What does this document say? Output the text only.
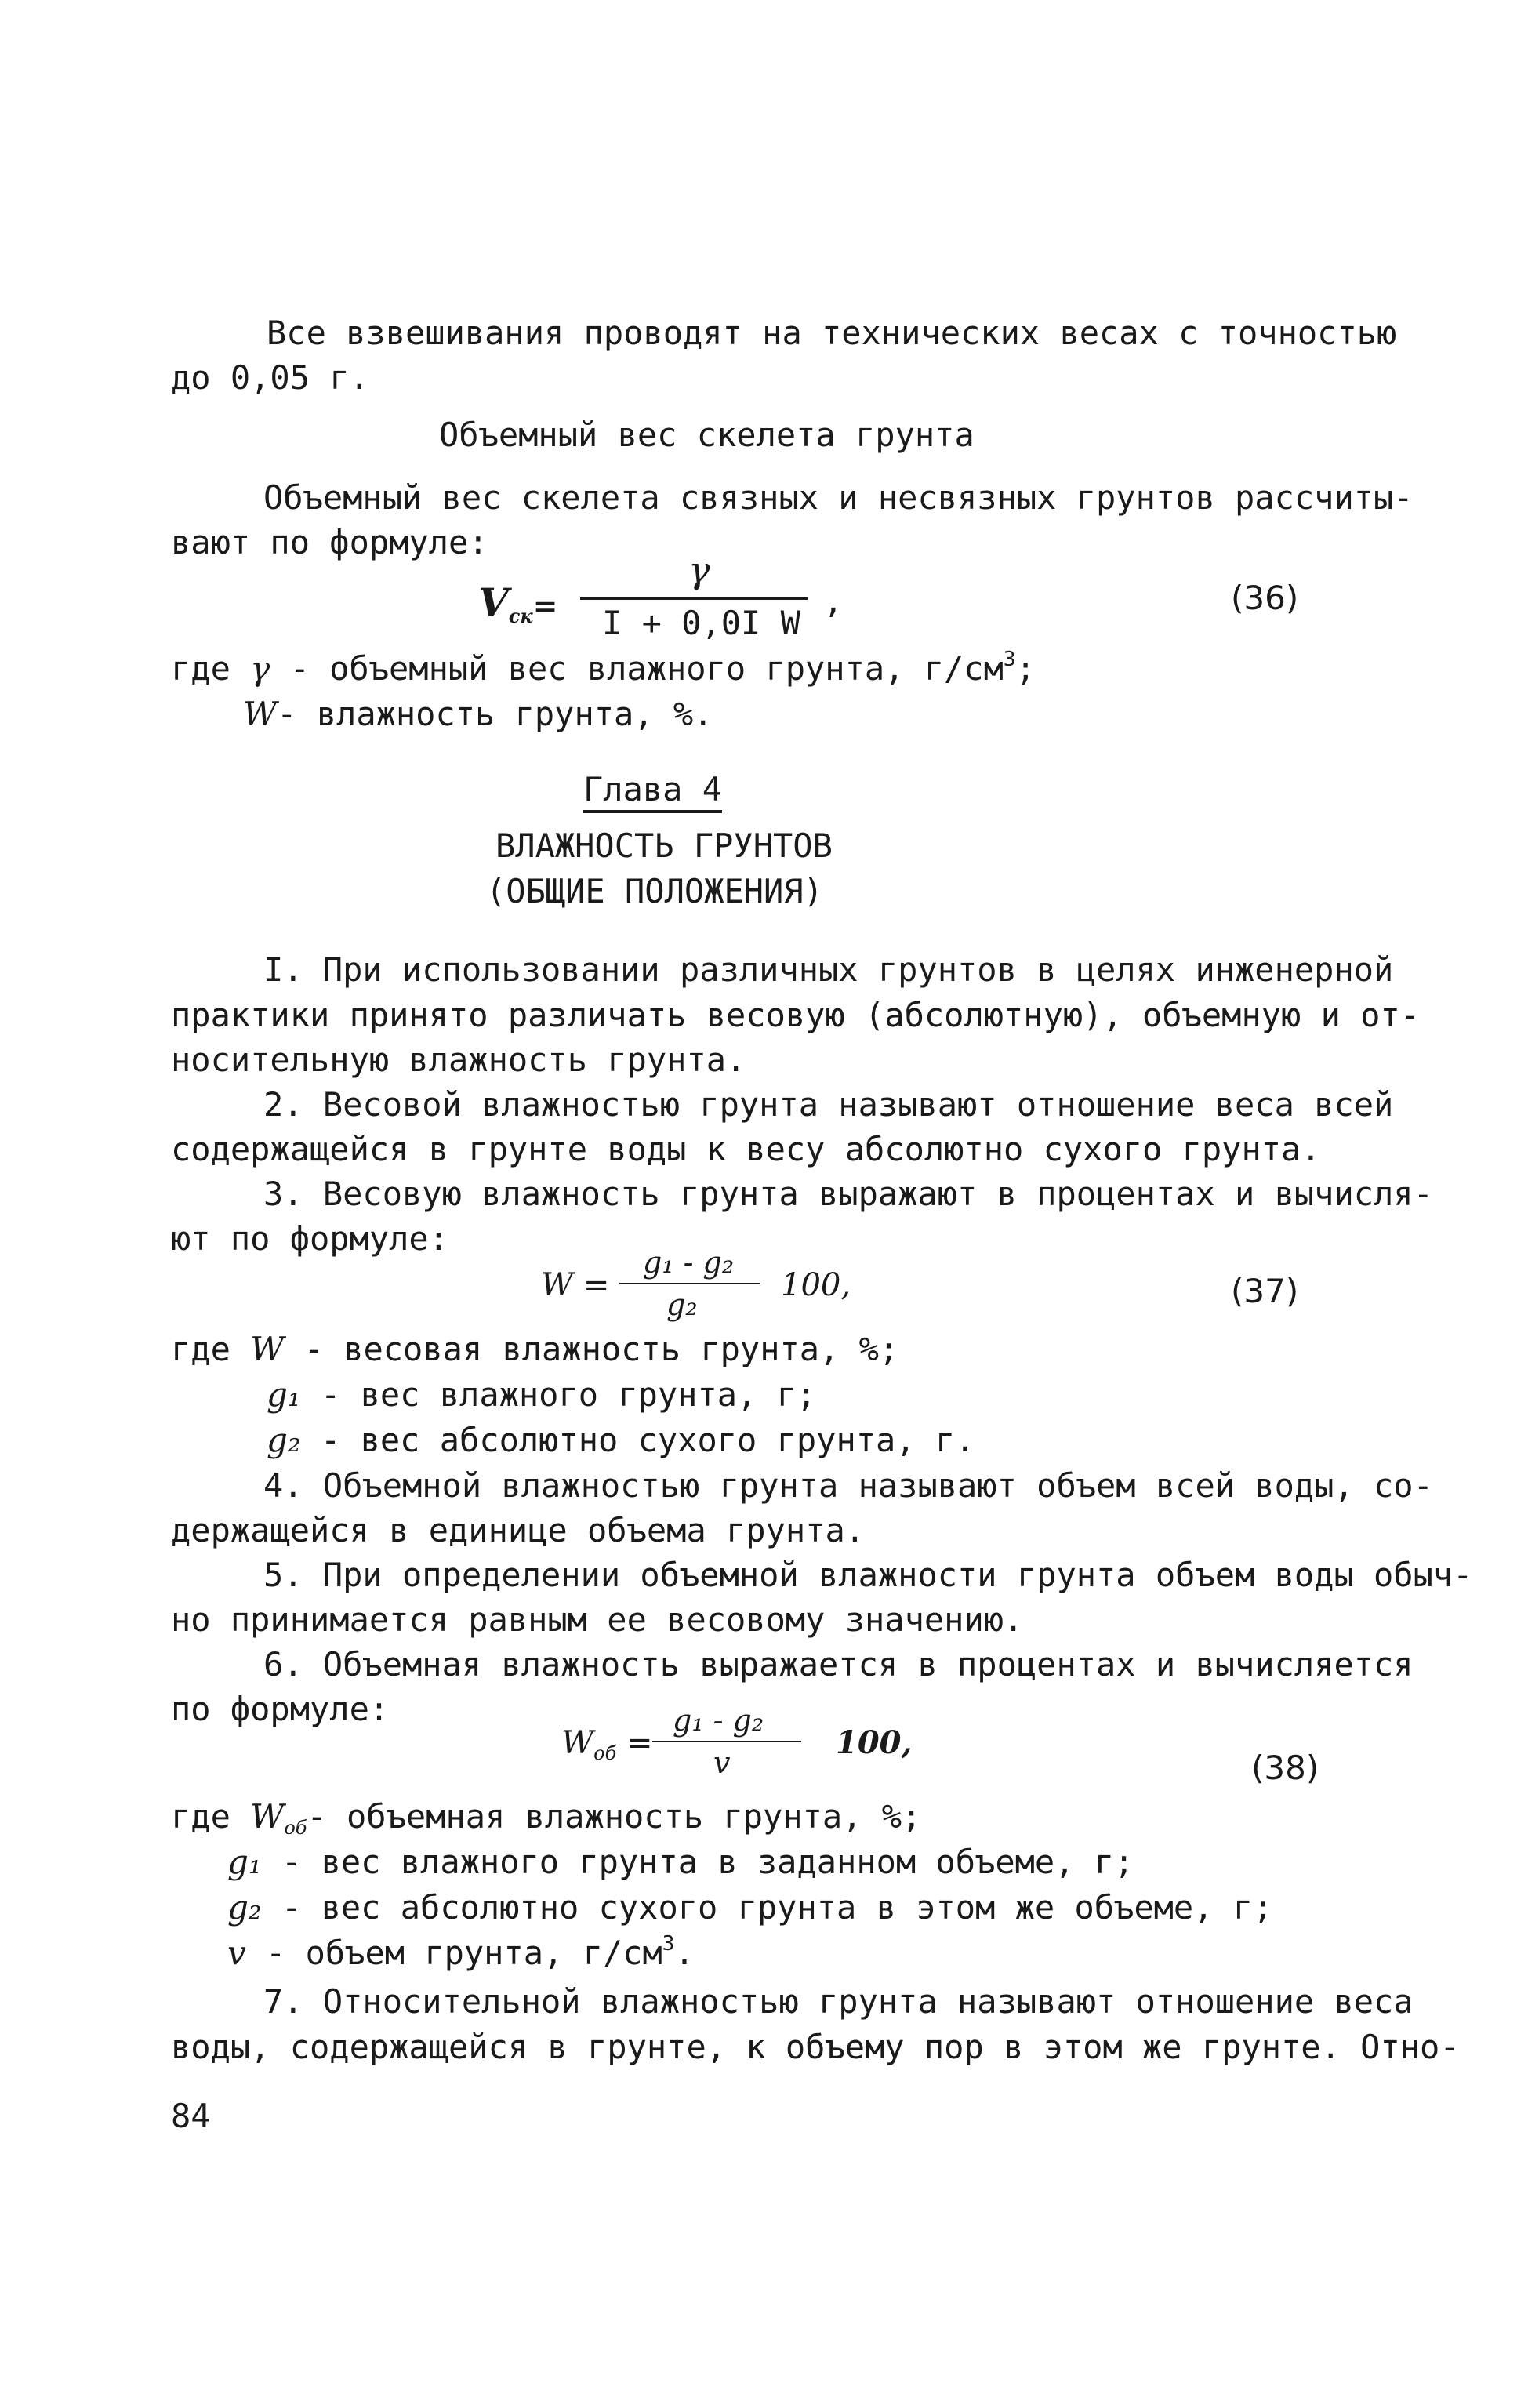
Все взвешивания проводят на технических весах с точностью
до 0,05 г.
Объемный вес скелета грунта
Объемный вес скелета связных и несвязных грунтов рассчиты-
вают по формуле:
$V_{ск}=$
γ
I + 0,0I W
,	(36)
где γ - объемный вес влажного грунта, $г/см^3$;
W- влажность грунта, %.
Глава 4
ВЛАЖНОСТЬ ГРУНТОВ
(ОБЩИЕ ПОЛОЖЕНИЯ)
I. При использовании различных грунтов в целях инженерной
практики принято различать весовую (абсолютную), объемную и от-
носительную влажность грунта.
2. Весовой влажностью грунта называют отношение веса всей
содержащейся в грунте воды к весу абсолютно сухого грунта.
3. Весовую влажность грунта выражают в процентах и вычисля-
ют по формуле:
W =
g₁ - g₂
g₂
100,	(37)
где W - весовая влажность грунта, %;
g₁ - вес влажного грунта, г;
g₂ - вес абсолютно сухого грунта, г.
4. Объемной влажностью грунта называют объем всей воды, со-
держащейся в единице объема грунта.
5. При определении объемной влажности грунта объем воды обыч-
но принимается равным ее весовому значению.
6. Объемная влажность выражается в процентах и вычисляется
по формуле:
$W_{об}$ =
g₁ - g₂
v
100,
(38)
где $W_{об}-$ объемная влажность грунта, %;
g₁ - вес влажного грунта в заданном объеме, г;
g₂ - вес абсолютно сухого грунта в этом же объеме, г;
v - объем грунта, $г/см^3$.
7. Относительной влажностью грунта называют отношение веса
воды, содержащейся в грунте, к объему пор в этом же грунте. Отно-
84
